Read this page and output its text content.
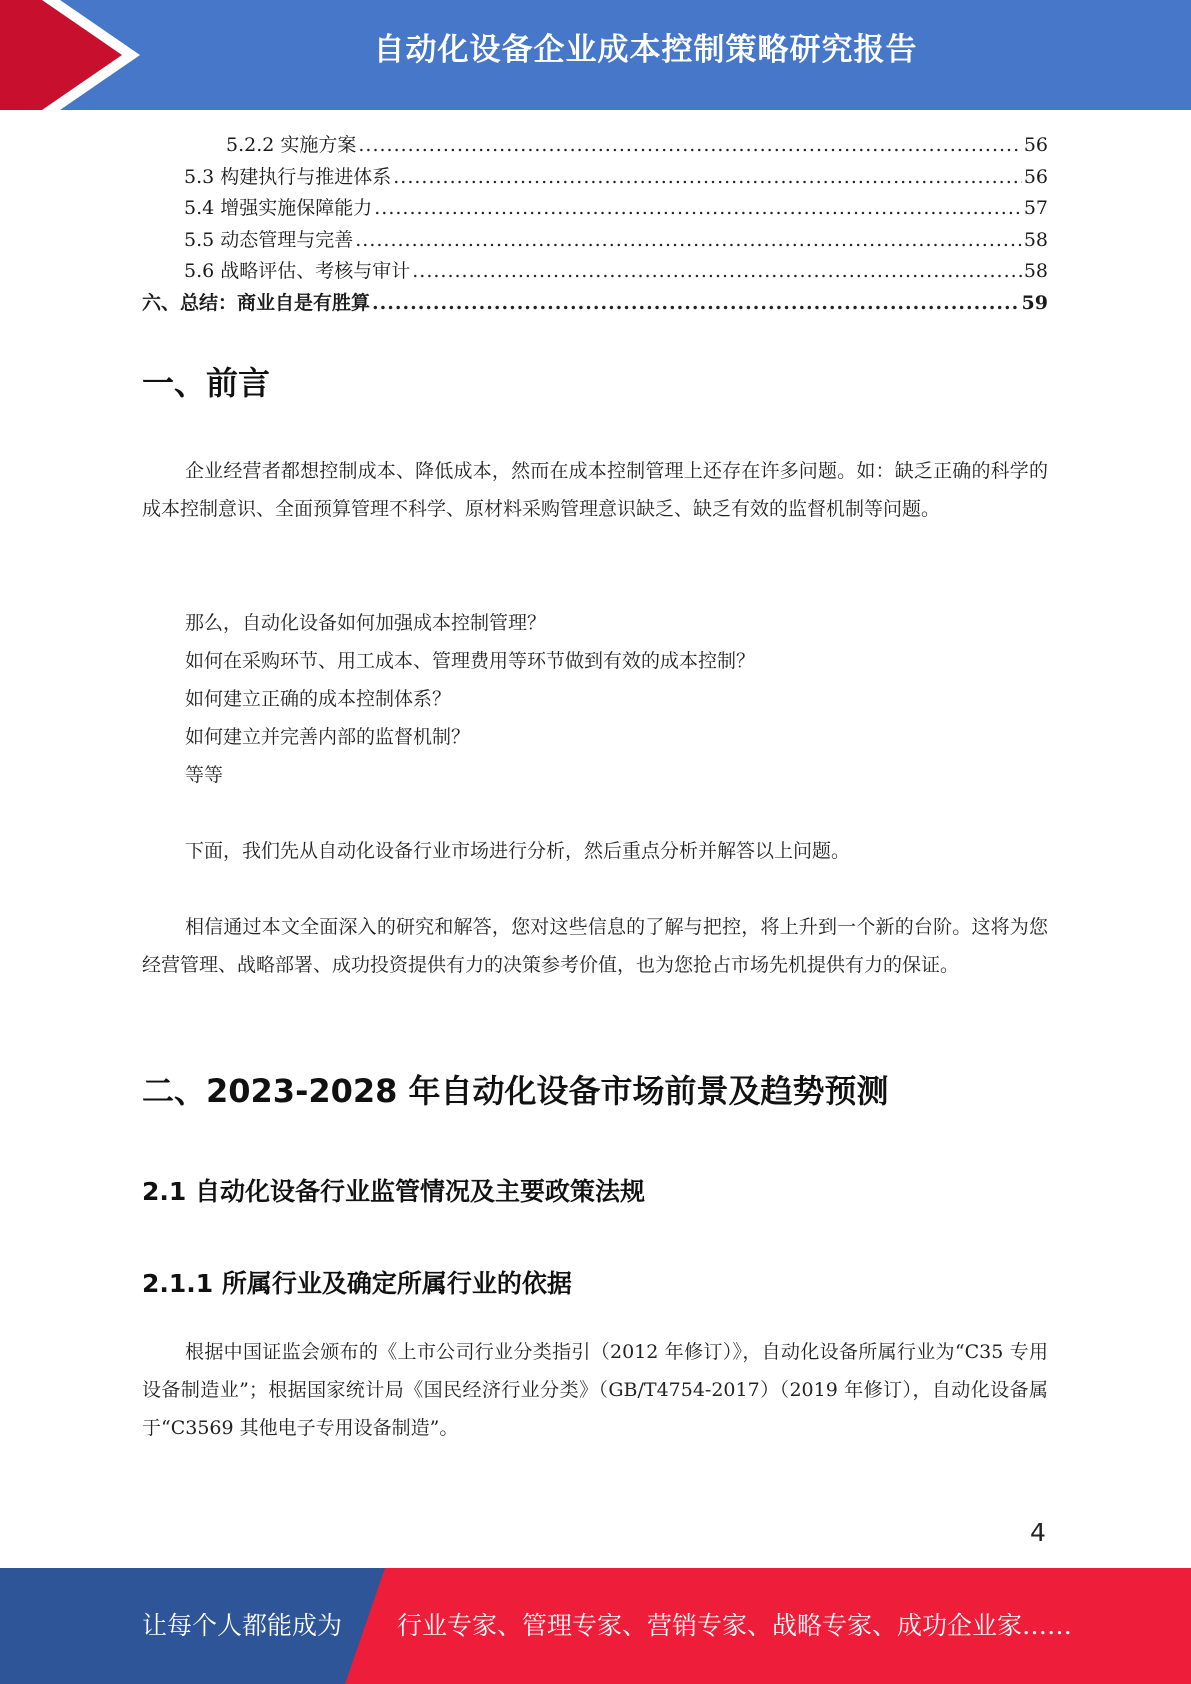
自动化设备企业成本控制策略研究报告
5.2.2 实施方案 .....	56
5.3 构建执行与推进体系 .....	56
5.4 增强实施保障能力 .....	57
5.5 动态管理与完善 .....	58
5.6 战略评估、考核与审计 .....	58
六、总结：商业自是有胜算 .....	59
一、前言
企业经营者都想控制成本、降低成本，然而在成本控制管理上还存在许多问题。如：缺乏正确的科学的成本控制意识、全面预算管理不科学、原材料采购管理意识缺乏、缺乏有效的监督机制等问题。
那么，自动化设备如何加强成本控制管理？
如何在采购环节、用工成本、管理费用等环节做到有效的成本控制？
如何建立正确的成本控制体系？
如何建立并完善内部的监督机制？
等等
下面，我们先从自动化设备行业市场进行分析，然后重点分析并解答以上问题。
相信通过本文全面深入的研究和解答，您对这些信息的了解与把控，将上升到一个新的台阶。这将为您经营管理、战略部署、成功投资提供有力的决策参考价值，也为您抢占市场先机提供有力的保证。
二、2023-2028 年自动化设备市场前景及趋势预测
2.1 自动化设备行业监管情况及主要政策法规
2.1.1 所属行业及确定所属行业的依据
根据中国证监会颁布的《上市公司行业分类指引（2012 年修订）》，自动化设备所属行业为“C35 专用设备制造业”；根据国家统计局《国民经济行业分类》（GB/T4754-2017）（2019 年修订），自动化设备属于“C3569 其他电子专用设备制造”。
4
让每个人都能成为 行业专家、管理专家、营销专家、战略专家、成功企业家……
